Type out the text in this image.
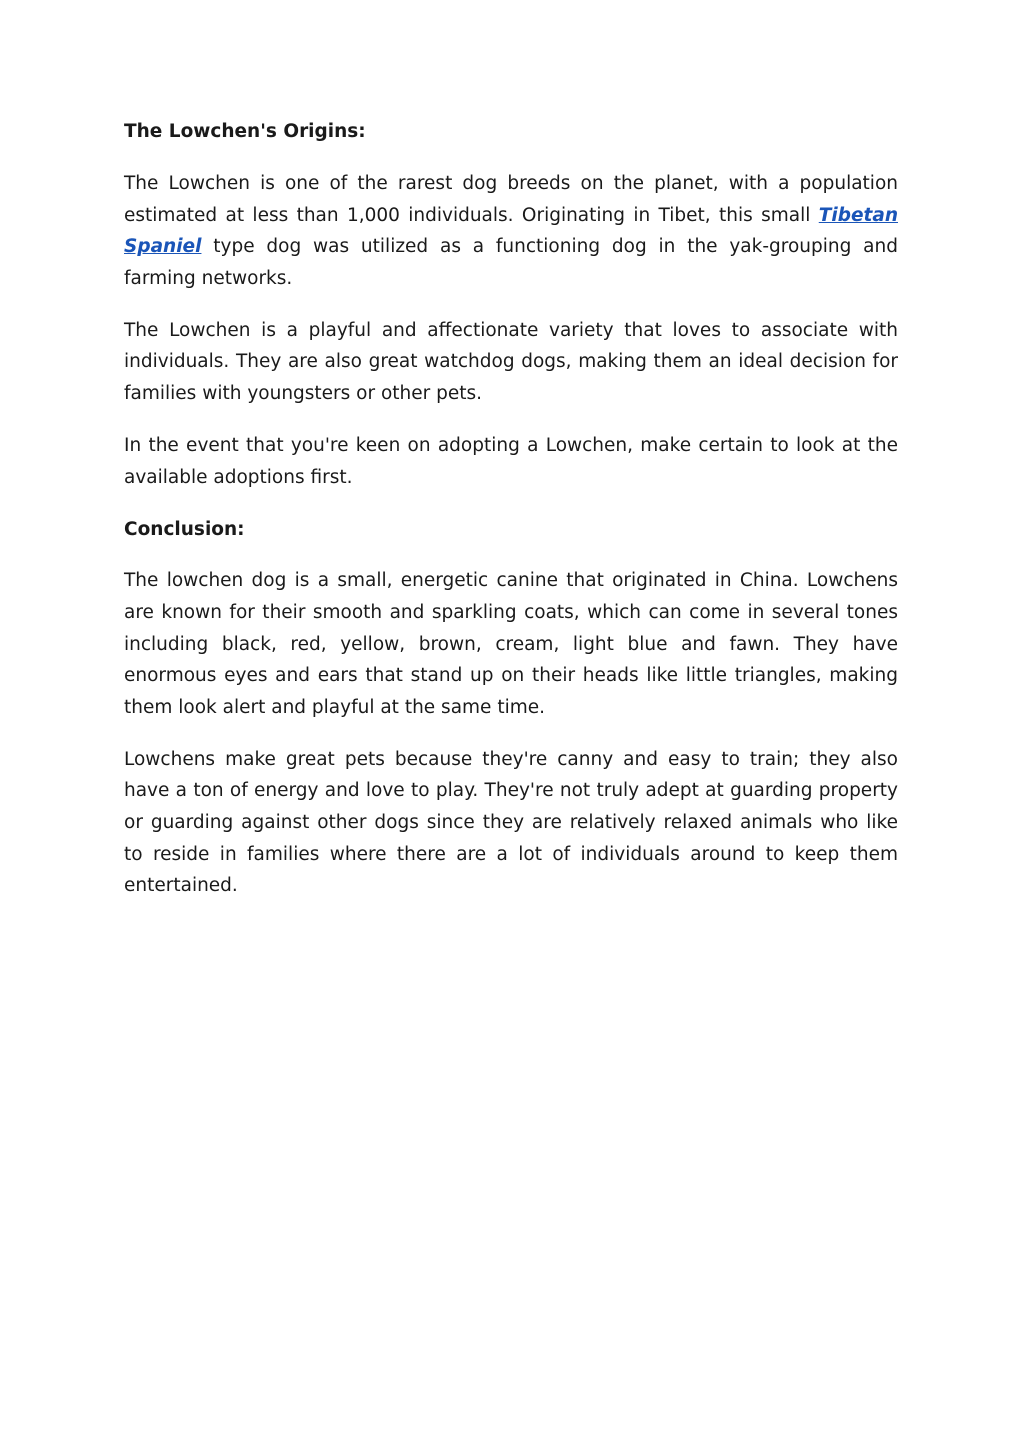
The Lowchen's Origins:

The Lowchen is one of the rarest dog breeds on the planet, with a population estimated at less than 1,000 individuals. Originating in Tibet, this small Tibetan Spaniel type dog was utilized as a functioning dog in the yak-grouping and farming networks.

The Lowchen is a playful and affectionate variety that loves to associate with individuals. They are also great watchdog dogs, making them an ideal decision for families with youngsters or other pets.

In the event that you're keen on adopting a Lowchen, make certain to look at the available adoptions first.

Conclusion:

The lowchen dog is a small, energetic canine that originated in China. Lowchens are known for their smooth and sparkling coats, which can come in several tones including black, red, yellow, brown, cream, light blue and fawn. They have enormous eyes and ears that stand up on their heads like little triangles, making them look alert and playful at the same time.

Lowchens make great pets because they're canny and easy to train; they also have a ton of energy and love to play. They're not truly adept at guarding property or guarding against other dogs since they are relatively relaxed animals who like to reside in families where there are a lot of individuals around to keep them entertained.
